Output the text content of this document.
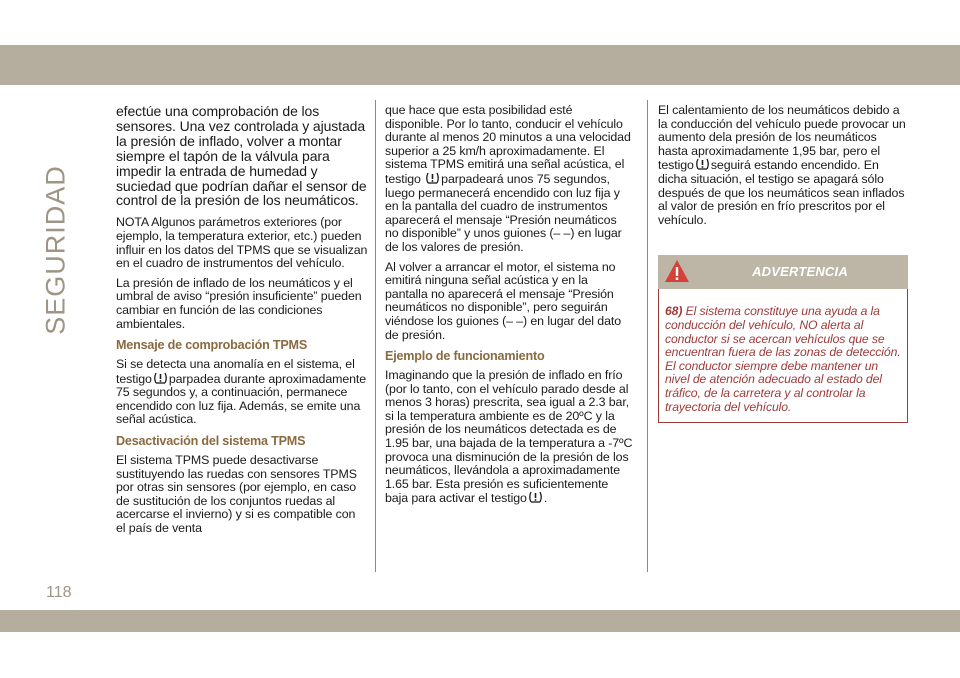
SEGURIDAD

efectúe una comprobación de los sensores. Una vez controlada y ajustada la presión de inflado, volver a montar siempre el tapón de la válvula para impedir la entrada de humedad y suciedad que podrían dañar el sensor de control de la presión de los neumáticos.

NOTA Algunos parámetros exteriores (por ejemplo, la temperatura exterior, etc.) pueden influir en los datos del TPMS que se visualizan en el cuadro de instrumentos del vehículo.

La presión de inflado de los neumáticos y el umbral de aviso “presión insuficiente” pueden cambiar en función de las condiciones ambientales.

Mensaje de comprobación TPMS

Si se detecta una anomalía en el sistema, el testigo parpadea durante aproximadamente 75 segundos y, a continuación, permanece encendido con luz fija. Además, se emite una señal acústica.

Desactivación del sistema TPMS

El sistema TPMS puede desactivarse sustituyendo las ruedas con sensores TPMS por otras sin sensores (por ejemplo, en caso de sustitución de los conjuntos ruedas al acercarse el invierno) y si es compatible con el país de venta

que hace que esta posibilidad esté disponible. Por lo tanto, conducir el vehículo durante al menos 20 minutos a una velocidad superior a 25 km/h aproximadamente. El sistema TPMS emitirá una señal acústica, el testigo parpadeará unos 75 segundos, luego permanecerá encendido con luz fija y en la pantalla del cuadro de instrumentos aparecerá el mensaje “Presión neumáticos no disponible” y unos guiones (– –) en lugar de los valores de presión.

Al volver a arrancar el motor, el sistema no emitirá ninguna señal acústica y en la pantalla no aparecerá el mensaje “Presión neumáticos no disponible”, pero seguirán viéndose los guiones (– –) en lugar del dato de presión.

Ejemplo de funcionamiento

Imaginando que la presión de inflado en frío (por lo tanto, con el vehículo parado desde al menos 3 horas) prescrita, sea igual a 2.3 bar, si la temperatura ambiente es de 20ºC y la presión de los neumáticos detectada es de 1.95 bar, una bajada de la temperatura a -7ºC provoca una disminución de la presión de los neumáticos, llevándola a aproximadamente 1.65 bar. Esta presión es suficientemente baja para activar el testigo .

El calentamiento de los neumáticos debido a la conducción del vehículo puede provocar un aumento dela presión de los neumáticos hasta aproximadamente 1,95 bar, pero el testigo seguirá estando encendido. En dicha situación, el testigo se apagará sólo después de que los neumáticos sean inflados al valor de presión en frío prescritos por el vehículo.

ADVERTENCIA
68) El sistema constituye una ayuda a la conducción del vehículo, NO alerta al conductor si se acercan vehículos que se encuentran fuera de las zonas de detección. El conductor siempre debe mantener un nivel de atención adecuado al estado del tráfico, de la carretera y al controlar la trayectoria del vehículo.
118
